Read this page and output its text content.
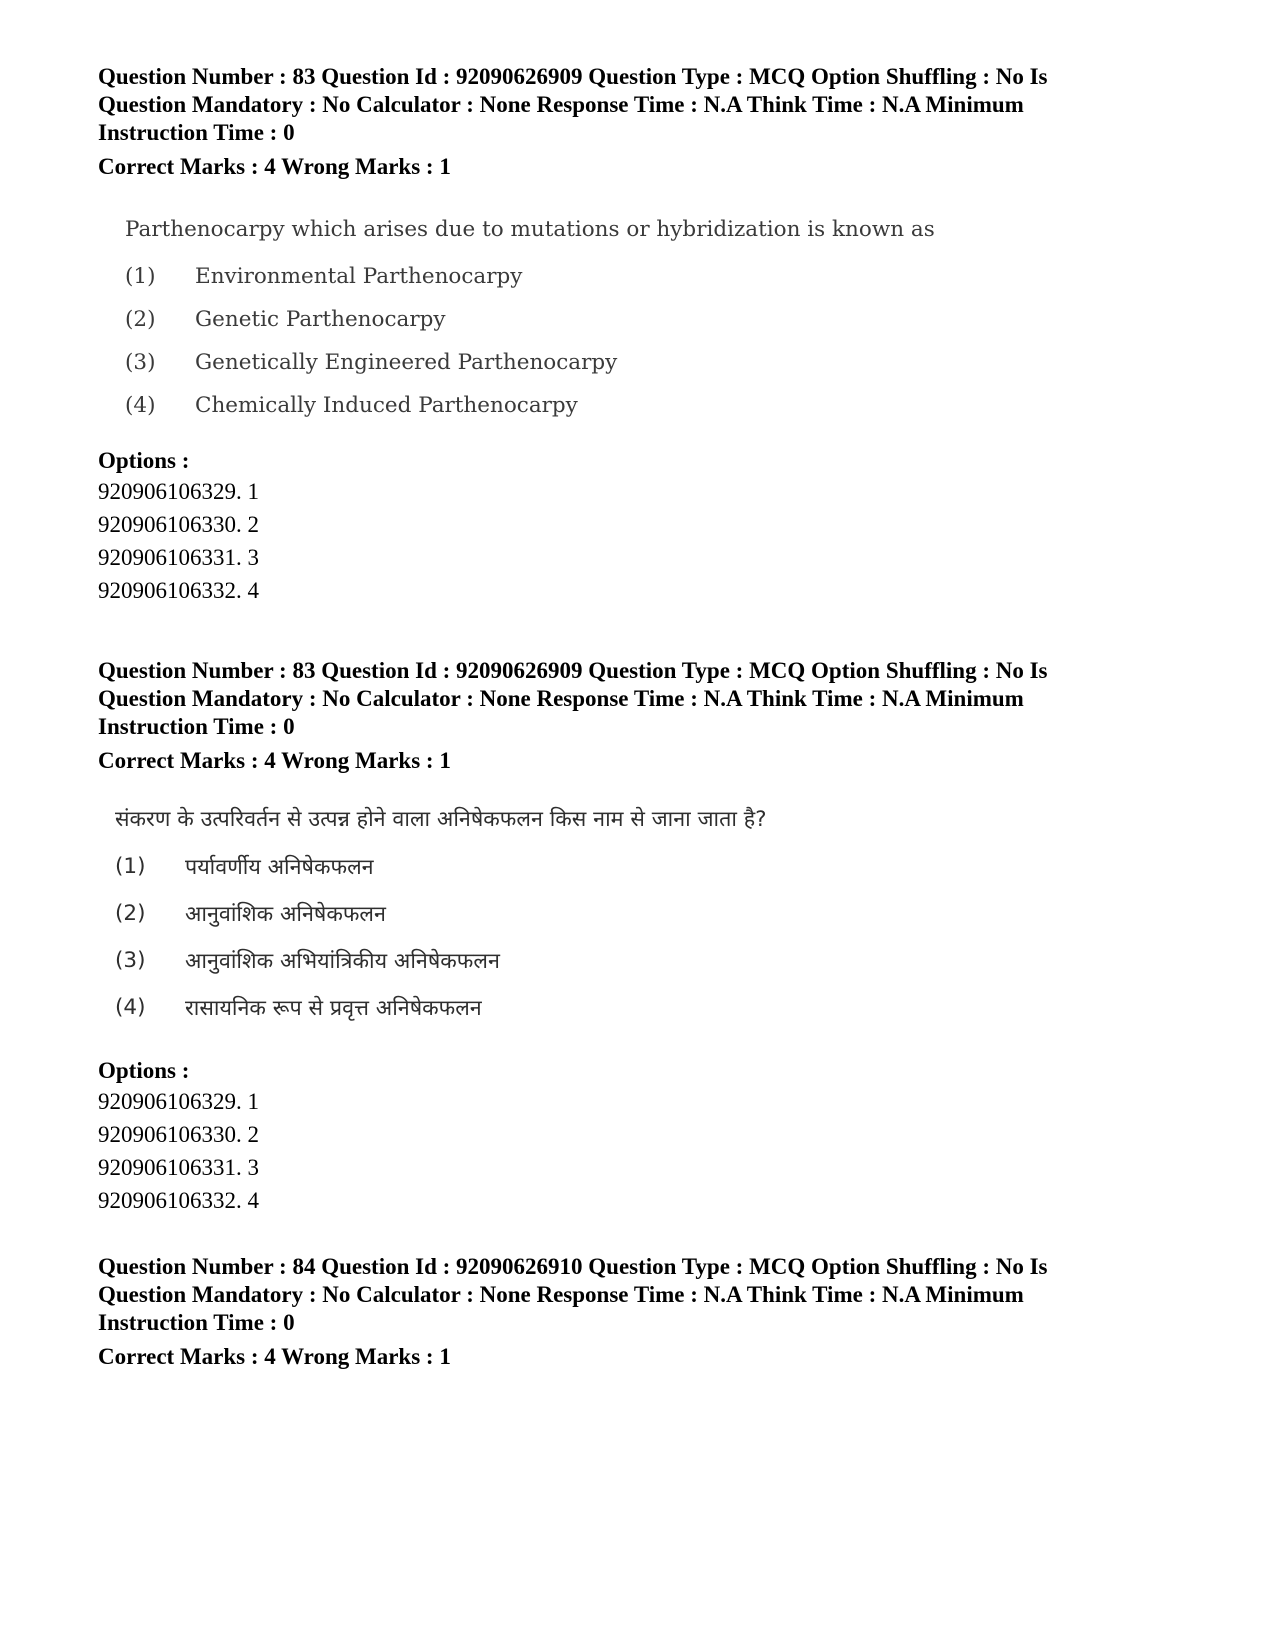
Question Number : 83 Question Id : 92090626909 Question Type : MCQ Option Shuffling : No Is

Question Mandatory : No Calculator : None Response Time : N.A Think Time : N.A Minimum

Instruction Time : 0

Correct Marks : 4 Wrong Marks : 1

Parthenocarpy which arises due to mutations or hybridization is known as

(1)	Environmental Parthenocarpy
(2)	Genetic Parthenocarpy
(3)	Genetically Engineered Parthenocarpy
(4)	Chemically Induced Parthenocarpy

Options :

920906106329. 1

920906106330. 2

920906106331. 3

920906106332. 4

Question Number : 83 Question Id : 92090626909 Question Type : MCQ Option Shuffling : No Is

Question Mandatory : No Calculator : None Response Time : N.A Think Time : N.A Minimum

Instruction Time : 0

Correct Marks : 4 Wrong Marks : 1

संकरण के उत्परिवर्तन से उत्पन्न होने वाला अनिषेकफलन किस नाम से जाना जाता है?

(1)	पर्यावर्णीय अनिषेकफलन
(2)	आनुवांशिक अनिषेकफलन
(3)	आनुवांशिक अभियांत्रिकीय अनिषेकफलन
(4)	रासायनिक रूप से प्रवृत्त अनिषेकफलन

Options :

920906106329. 1

920906106330. 2

920906106331. 3

920906106332. 4

Question Number : 84 Question Id : 92090626910 Question Type : MCQ Option Shuffling : No Is

Question Mandatory : No Calculator : None Response Time : N.A Think Time : N.A Minimum

Instruction Time : 0

Correct Marks : 4 Wrong Marks : 1
